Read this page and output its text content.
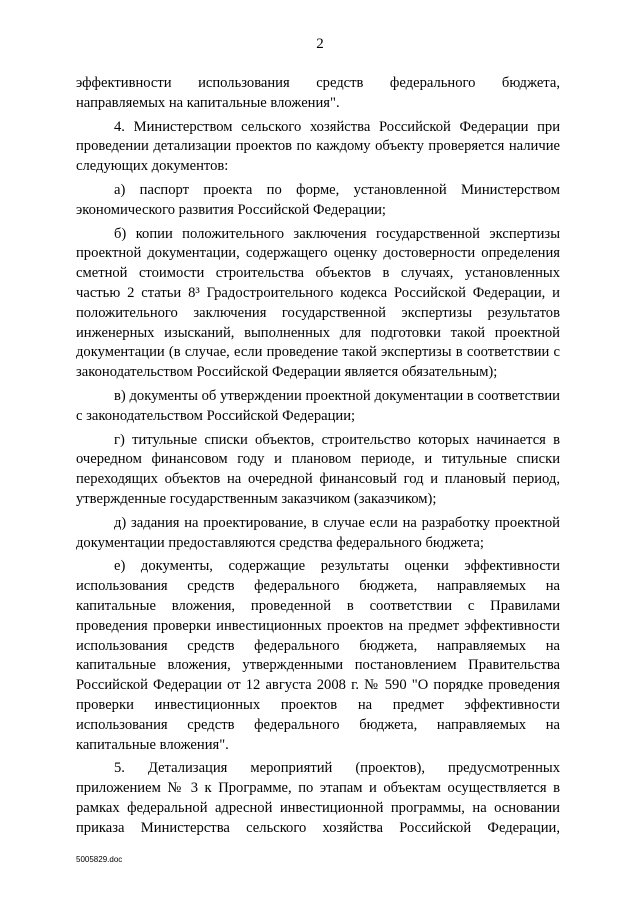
2

эффективности использования средств федерального бюджета, направляемых на капитальные вложения".

4. Министерством сельского хозяйства Российской Федерации при проведении детализации проектов по каждому объекту проверяется наличие следующих документов:

а) паспорт проекта по форме, установленной Министерством экономического развития Российской Федерации;

б) копии положительного заключения государственной экспертизы проектной документации, содержащего оценку достоверности определения сметной стоимости строительства объектов в случаях, установленных частью 2 статьи 8³ Градостроительного кодекса Российской Федерации, и положительного заключения государственной экспертизы результатов инженерных изысканий, выполненных для подготовки такой проектной документации (в случае, если проведение такой экспертизы в соответствии с законодательством Российской Федерации является обязательным);

в) документы об утверждении проектной документации в соответствии с законодательством Российской Федерации;

г) титульные списки объектов, строительство которых начинается в очередном финансовом году и плановом периоде, и титульные списки переходящих объектов на очередной финансовый год и плановый период, утвержденные государственным заказчиком (заказчиком);

д) задания на проектирование, в случае если на разработку проектной документации предоставляются средства федерального бюджета;

е) документы, содержащие результаты оценки эффективности использования средств федерального бюджета, направляемых на капитальные вложения, проведенной в соответствии с Правилами проведения проверки инвестиционных проектов на предмет эффективности использования средств федерального бюджета, направляемых на капитальные вложения, утвержденными постановлением Правительства Российской Федерации от 12 августа 2008 г. № 590 "О порядке проведения проверки инвестиционных проектов на предмет эффективности использования средств федерального бюджета, направляемых на капитальные вложения".

5. Детализация мероприятий (проектов), предусмотренных приложением № 3 к Программе, по этапам и объектам осуществляется в рамках федеральной адресной инвестиционной программы, на основании приказа Министерства сельского хозяйства Российской Федерации,

5005829.doc
